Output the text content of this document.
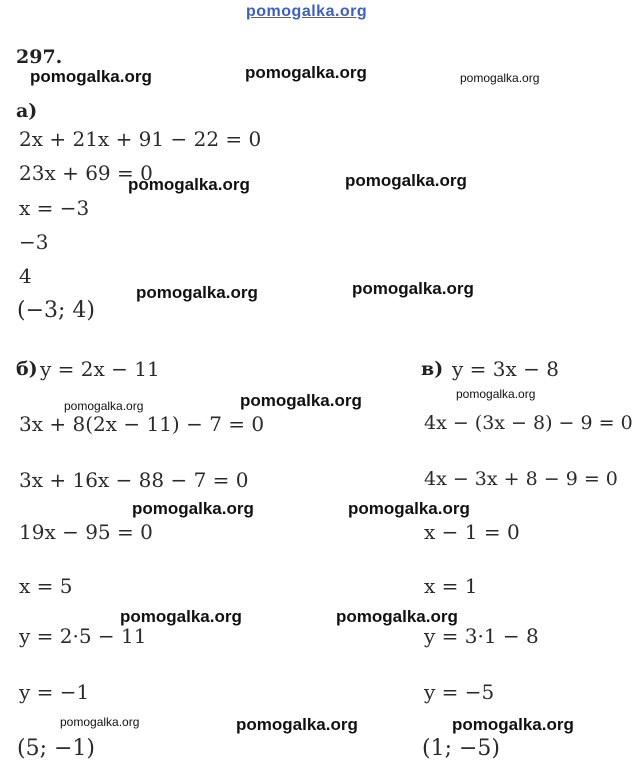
pomogalka.org
297.
а)
2x + 21x + 91 − 22 = 0
23x + 69 = 0
x = −3
−3
4
(−3; 4)
б) y = 2x − 11
3x + 8(2x − 11) − 7 = 0
3x + 16x − 88 − 7 = 0
19x − 95 = 0
x = 5
y = 2·5 − 11
y = −1
(5; −1)
в) y = 3x − 8
4x − (3x − 8) − 9 = 0
4x − 3x + 8 − 9 = 0
x − 1 = 0
x = 1
y = 3·1 − 8
y = −5
(1; −5)
pomogalka.org	pomogalka.org	pomogalka.org
pomogalka.org	pomogalka.org
pomogalka.org	pomogalka.org
pomogalka.org	pomogalka.org	pomogalka.org
pomogalka.org	pomogalka.org
pomogalka.org	pomogalka.org
pomogalka.org	pomogalka.org	pomogalka.org
